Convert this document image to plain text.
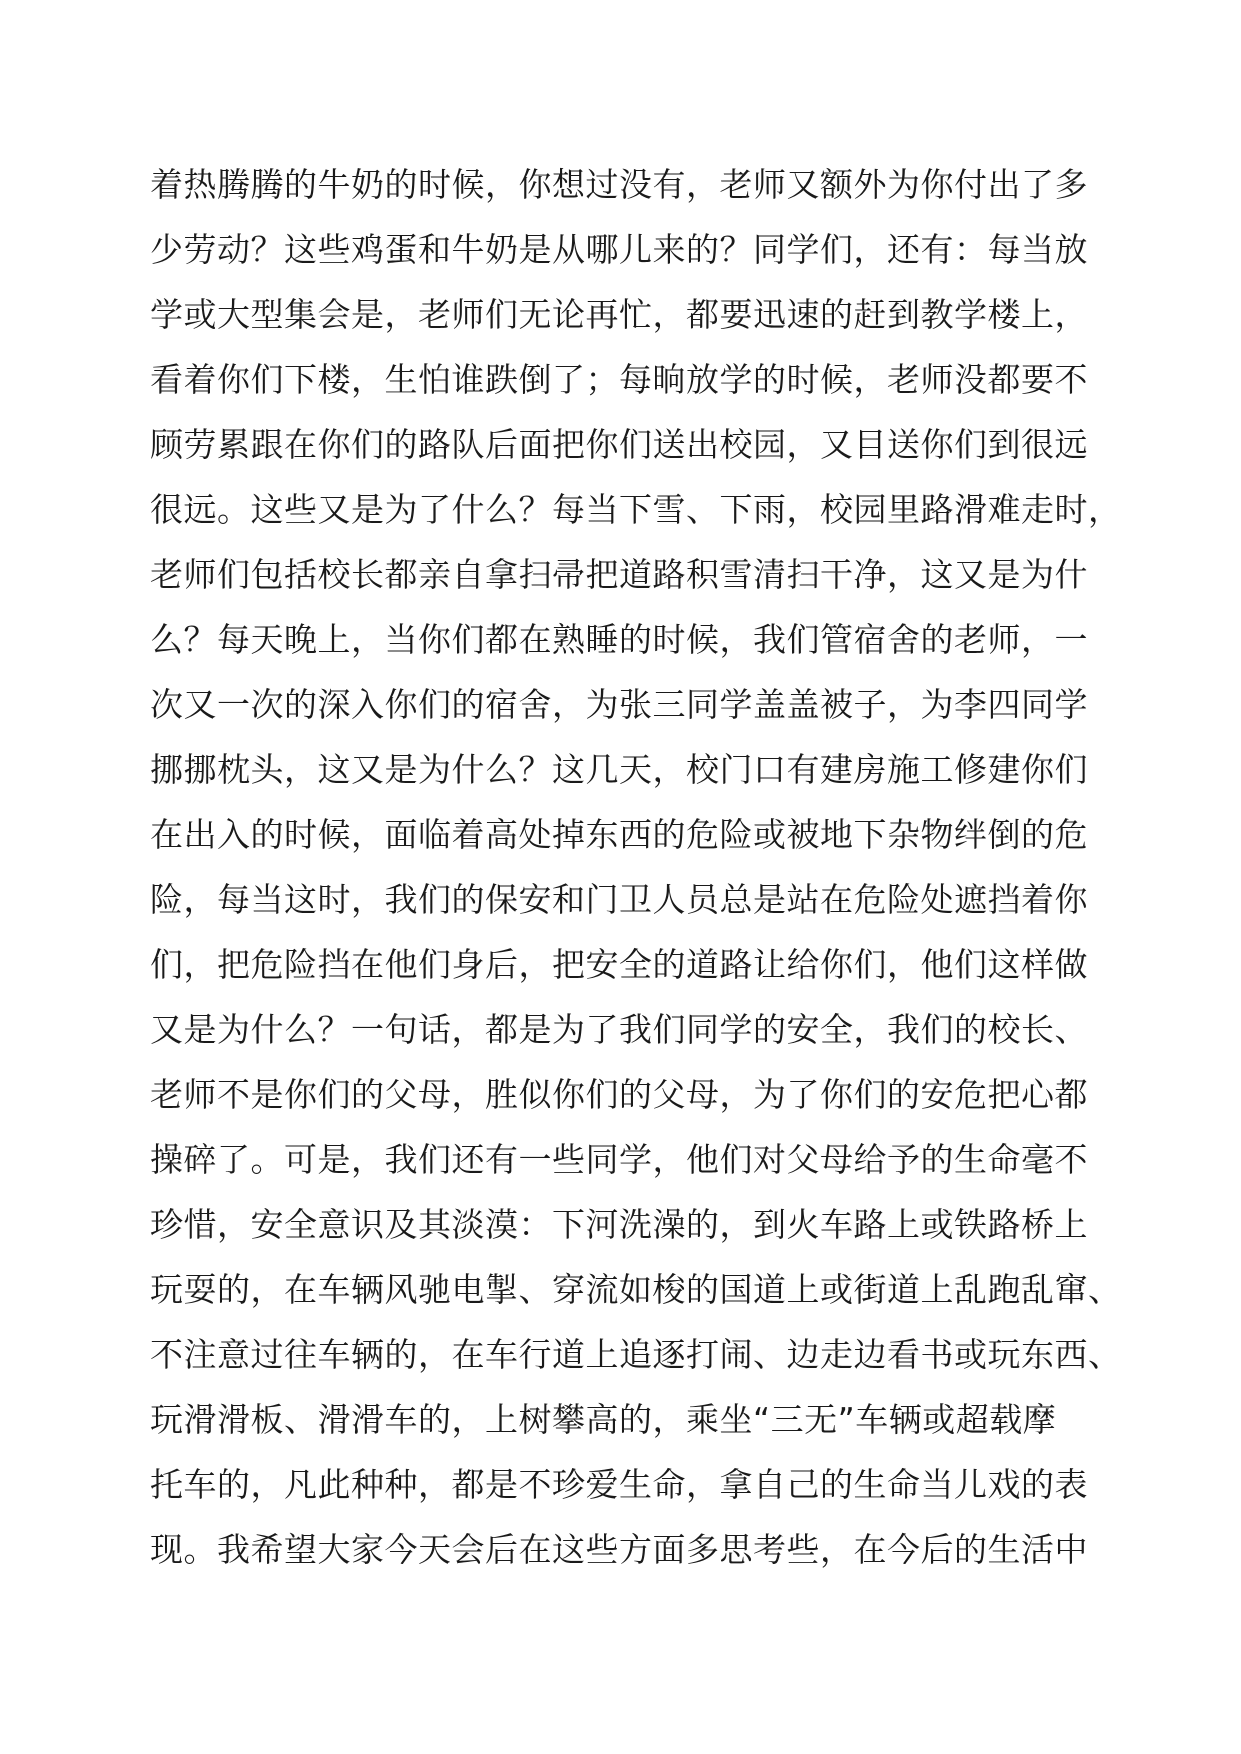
着热腾腾的牛奶的时候，你想过没有，老师又额外为你付出了多
少劳动？这些鸡蛋和牛奶是从哪儿来的？同学们，还有：每当放
学或大型集会是，老师们无论再忙，都要迅速的赶到教学楼上，
看着你们下楼，生怕谁跌倒了；每晌放学的时候，老师没都要不
顾劳累跟在你们的路队后面把你们送出校园，又目送你们到很远
很远。这些又是为了什么？每当下雪、下雨，校园里路滑难走时，
老师们包括校长都亲自拿扫帚把道路积雪清扫干净，这又是为什
么？每天晚上，当你们都在熟睡的时候，我们管宿舍的老师，一
次又一次的深入你们的宿舍，为张三同学盖盖被子，为李四同学
挪挪枕头，这又是为什么？这几天，校门口有建房施工修建你们
在出入的时候，面临着高处掉东西的危险或被地下杂物绊倒的危
险，每当这时，我们的保安和门卫人员总是站在危险处遮挡着你
们，把危险挡在他们身后，把安全的道路让给你们，他们这样做
又是为什么？一句话，都是为了我们同学的安全，我们的校长、
老师不是你们的父母，胜似你们的父母，为了你们的安危把心都
操碎了。可是，我们还有一些同学，他们对父母给予的生命毫不
珍惜，安全意识及其淡漠：下河洗澡的，到火车路上或铁路桥上
玩耍的，在车辆风驰电掣、穿流如梭的国道上或街道上乱跑乱窜、
不注意过往车辆的，在车行道上追逐打闹、边走边看书或玩东西、
玩滑滑板、滑滑车的，上树攀高的，乘坐“三无”车辆或超载摩
托车的，凡此种种，都是不珍爱生命，拿自己的生命当儿戏的表
现。我希望大家今天会后在这些方面多思考些，在今后的生活中
